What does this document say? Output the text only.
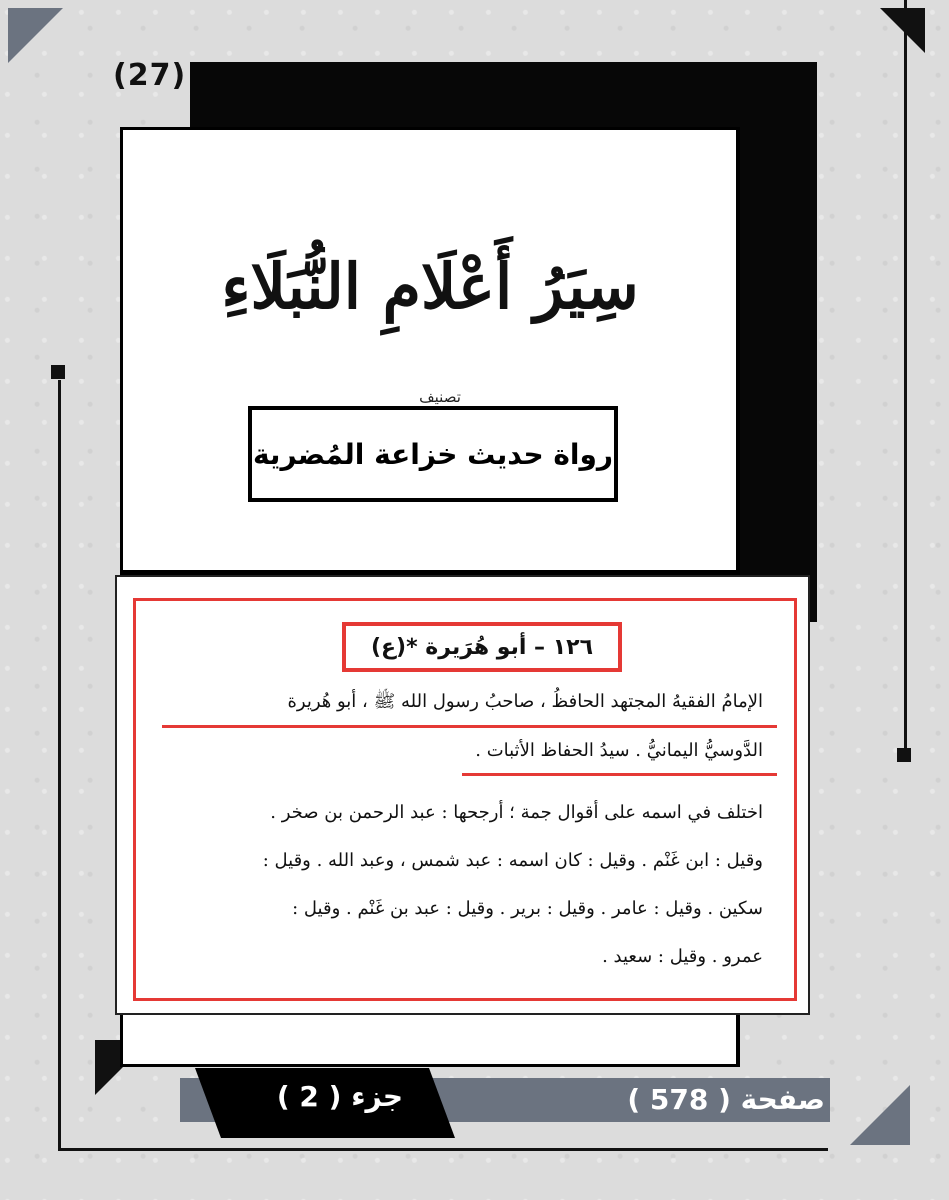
(27)
سِيَرُ أَعْلَامِ النُّبَلَاءِ
تصنيف
رواة حديث خزاعة المُضرية
١٢٦ – أبو هُرَيرة *(ع)
الإمامُ الفقيهُ المجتهد الحافظُ ، صاحبُ رسول الله ﷺ ، أبو هُريرة
الدَّوسيُّ اليمانيُّ . سيدُ الحفاظ الأثبات .
اختلف في اسمه على أقوال جمة ؛ أرجحها : عبد الرحمن بن صخر .
وقيل : ابن غَنْم . وقيل : كان اسمه : عبد شمس ، وعبد الله . وقيل :
سكين . وقيل : عامر . وقيل : برير . وقيل : عبد بن غَنْم . وقيل :
عمرو . وقيل : سعيد .
جزء ( 2 )	صفحة ( 578 )
